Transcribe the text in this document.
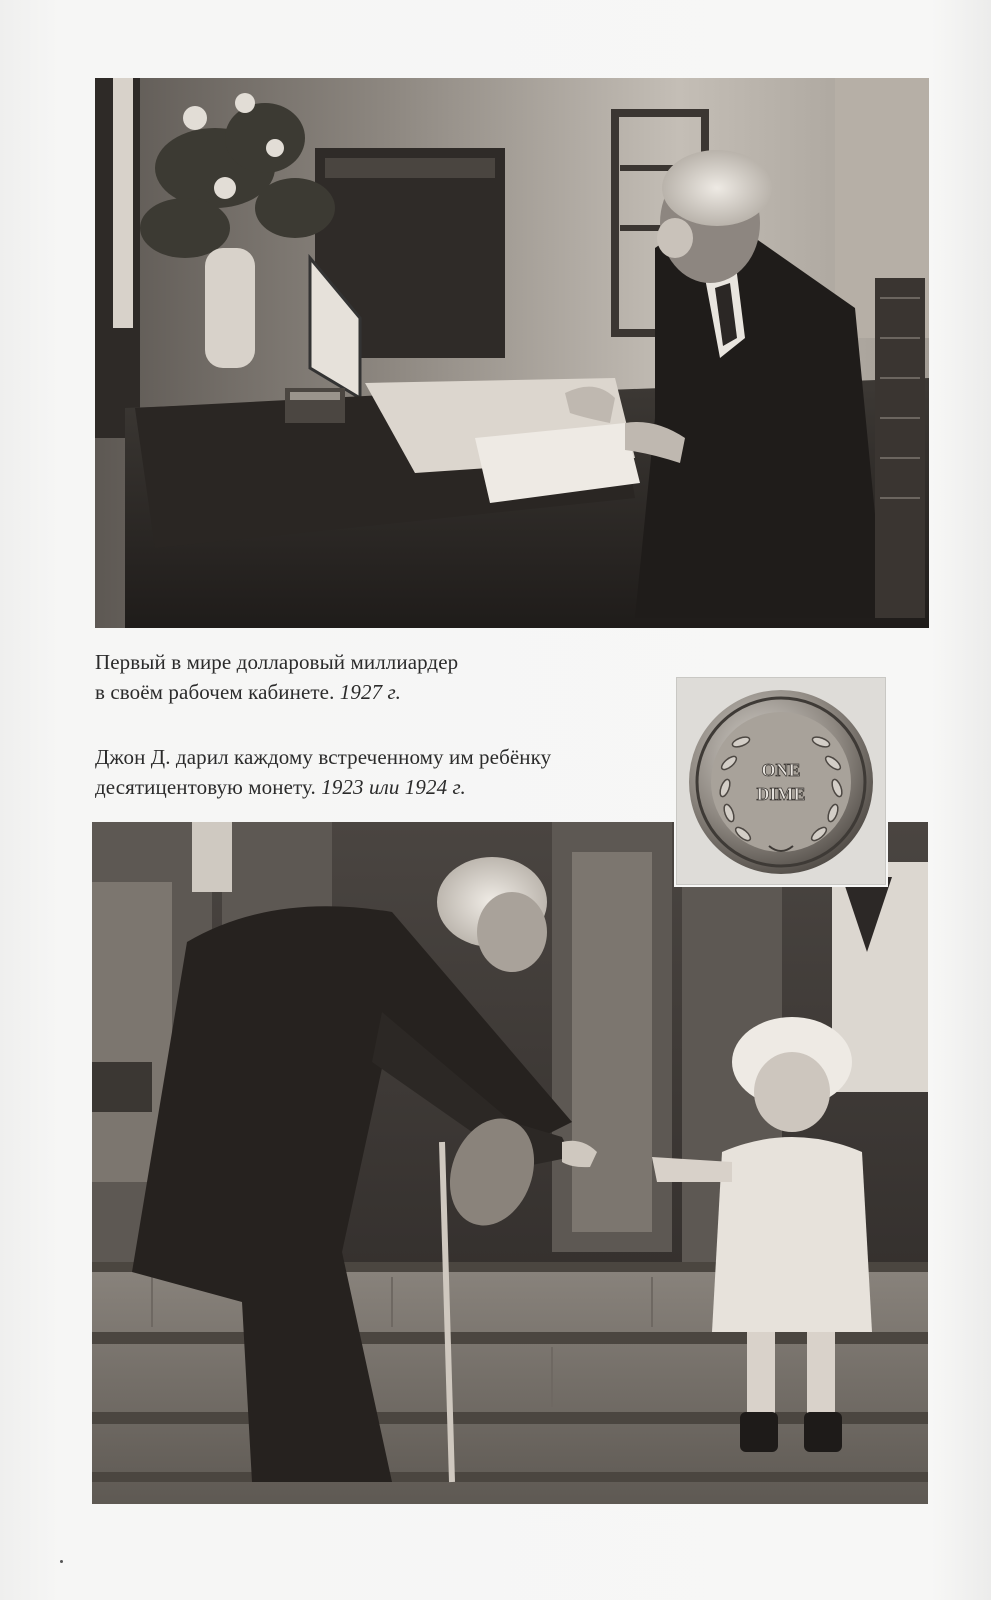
Первый в мире долларовый миллиардер
в своём рабочем кабинете. 1927 г.
Джон Д. дарил каждому встреченному им ребёнку
десятицентовую монету. 1923 или 1924 г.
ONE
DIME
